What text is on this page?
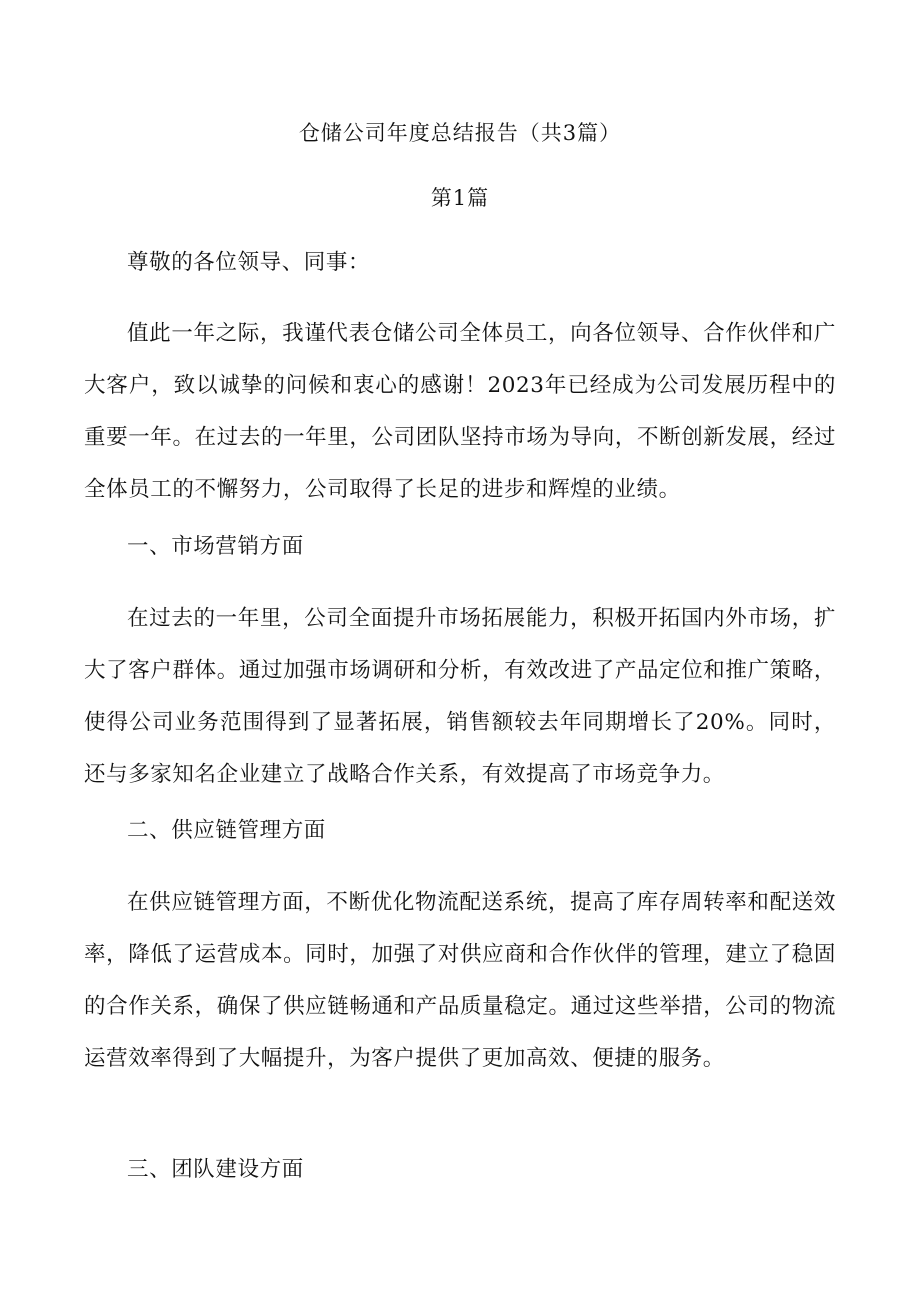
仓储公司年度总结报告（共3篇）
第1篇

尊敬的各位领导、同事：

值此一年之际，我谨代表仓储公司全体员工，向各位领导、合作伙伴和广大客户，致以诚挚的问候和衷心的感谢！2023年已经成为公司发展历程中的重要一年。在过去的一年里，公司团队坚持市场为导向，不断创新发展，经过全体员工的不懈努力，公司取得了长足的进步和辉煌的业绩。

一、市场营销方面

在过去的一年里，公司全面提升市场拓展能力，积极开拓国内外市场，扩大了客户群体。通过加强市场调研和分析，有效改进了产品定位和推广策略，使得公司业务范围得到了显著拓展，销售额较去年同期增长了20%。同时，还与多家知名企业建立了战略合作关系，有效提高了市场竞争力。

二、供应链管理方面

在供应链管理方面，不断优化物流配送系统，提高了库存周转率和配送效率，降低了运营成本。同时，加强了对供应商和合作伙伴的管理，建立了稳固的合作关系，确保了供应链畅通和产品质量稳定。通过这些举措，公司的物流运营效率得到了大幅提升，为客户提供了更加高效、便捷的服务。

三、团队建设方面
